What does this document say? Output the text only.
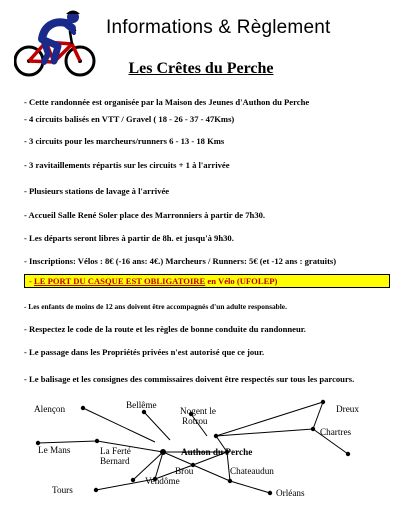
Informations & Règlement
Les Crêtes du Perche
- Cette randonnée est organisée par la Maison des Jeunes d'Authon du Perche
- 4 circuits balisés en VTT / Gravel ( 18 - 26 - 37 - 47Kms)
- 3 circuits pour les marcheurs/runners 6 - 13 - 18 Kms
- 3 ravitaillements répartis sur les circuits + 1 à l'arrivée
- Plusieurs stations de lavage à l'arrivée
- Accueil Salle René Soler place des Marronniers à partir de 7h30.
- Les départs seront libres à partir de 8h. et jusqu'à 9h30.
- Inscriptions: Vélos : 8€ (-16 ans: 4€.) Marcheurs / Runners: 5€ (et -12 ans : gratuits)
- LE PORT DU CASQUE EST OBLIGATOIRE en Vélo (UFOLEP)
- Les enfants de moins de 12 ans doivent être accompagnés d'un adulte responsable.
- Respectez le code de la route et les règles de bonne conduite du randonneur.
- Le passage dans les Propriétés privées n'est autorisé que ce jour.
- Le balisage et les consignes des commissaires doivent être respectés sur tous les parcours.
Alençon	Bellême
Nogent le
Rotrou
Dreux
Chartres
Le Mans	La Ferté
Bernard
Authon du Perche
Brou	Chateaudun
Vendôme
Tours	Orléans
